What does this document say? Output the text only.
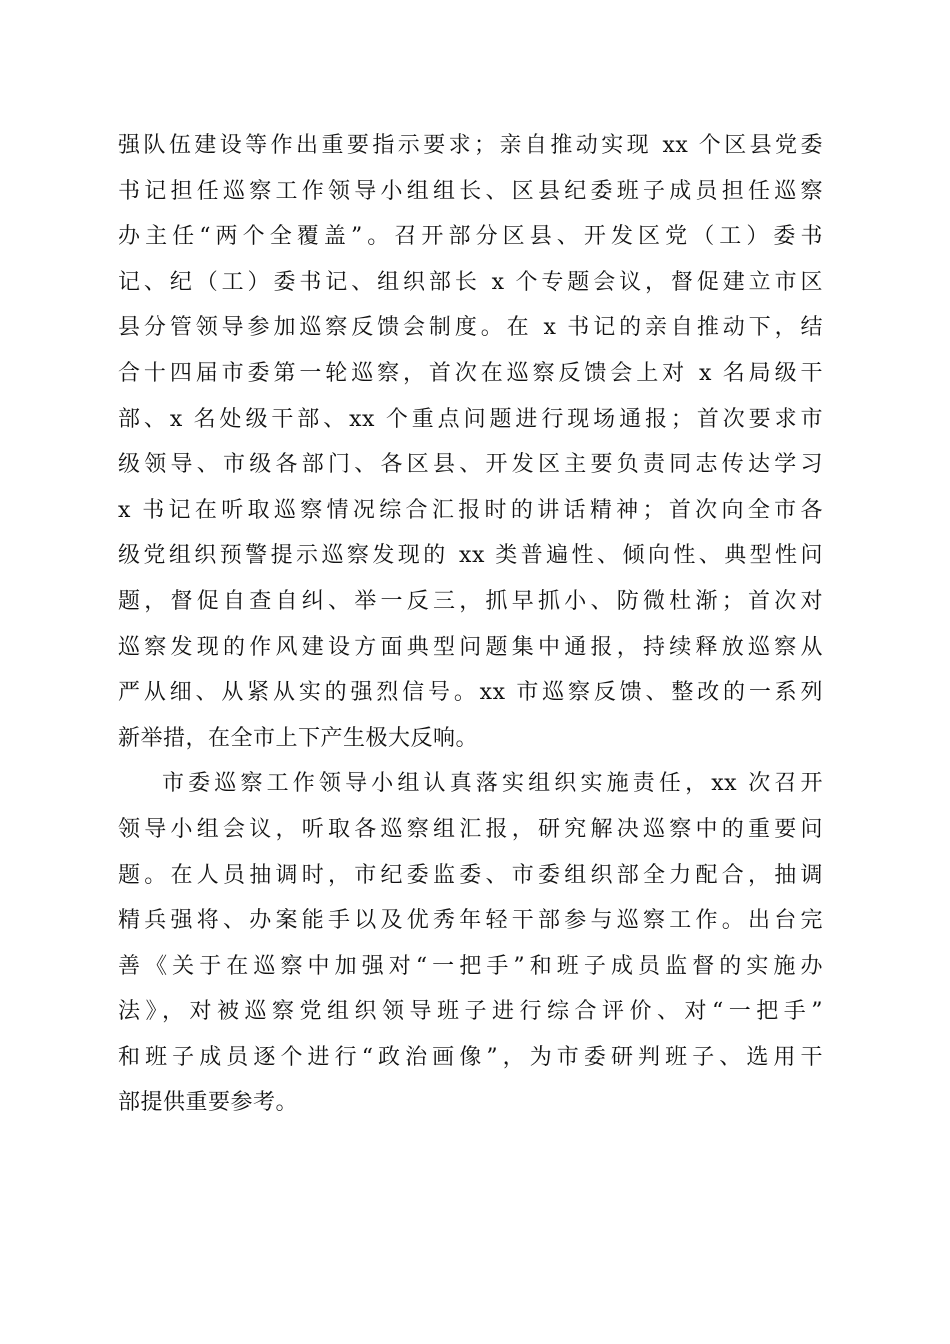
强队伍建设等作出重要指示要求；亲自推动实现 xx 个区县党委
书记担任巡察工作领导小组组长、区县纪委班子成员担任巡察
办主任“两个全覆盖”。召开部分区县、开发区党（工）委书
记、纪（工）委书记、组织部长 x 个专题会议，督促建立市区
县分管领导参加巡察反馈会制度。在 x 书记的亲自推动下，结
合十四届市委第一轮巡察，首次在巡察反馈会上对 x 名局级干
部、x 名处级干部、xx 个重点问题进行现场通报；首次要求市
级领导、市级各部门、各区县、开发区主要负责同志传达学习
x 书记在听取巡察情况综合汇报时的讲话精神；首次向全市各
级党组织预警提示巡察发现的 xx 类普遍性、倾向性、典型性问
题，督促自查自纠、举一反三，抓早抓小、防微杜渐；首次对
巡察发现的作风建设方面典型问题集中通报，持续释放巡察从
严从细、从紧从实的强烈信号。xx 市巡察反馈、整改的一系列
新举措，在全市上下产生极大反响。
市委巡察工作领导小组认真落实组织实施责任，xx 次召开
领导小组会议，听取各巡察组汇报，研究解决巡察中的重要问
题。在人员抽调时，市纪委监委、市委组织部全力配合，抽调
精兵强将、办案能手以及优秀年轻干部参与巡察工作。出台完
善《关于在巡察中加强对“一把手”和班子成员监督的实施办
法》，对被巡察党组织领导班子进行综合评价、对“一把手”
和班子成员逐个进行“政治画像”，为市委研判班子、选用干
部提供重要参考。
